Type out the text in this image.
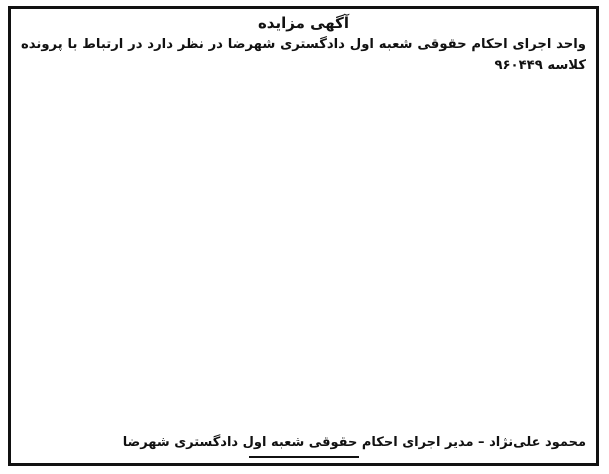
آگهی مزایده

واحد اجرای احکام حقوقی شعبه اول دادگستری شهرضا در نظر دارد در ارتباط با پرونده کلاسه ۹۶۰۴۴۹

محمود علی‌نژاد – مدیر اجرای احکام حقوقی شعبه اول دادگستری شهرضا
